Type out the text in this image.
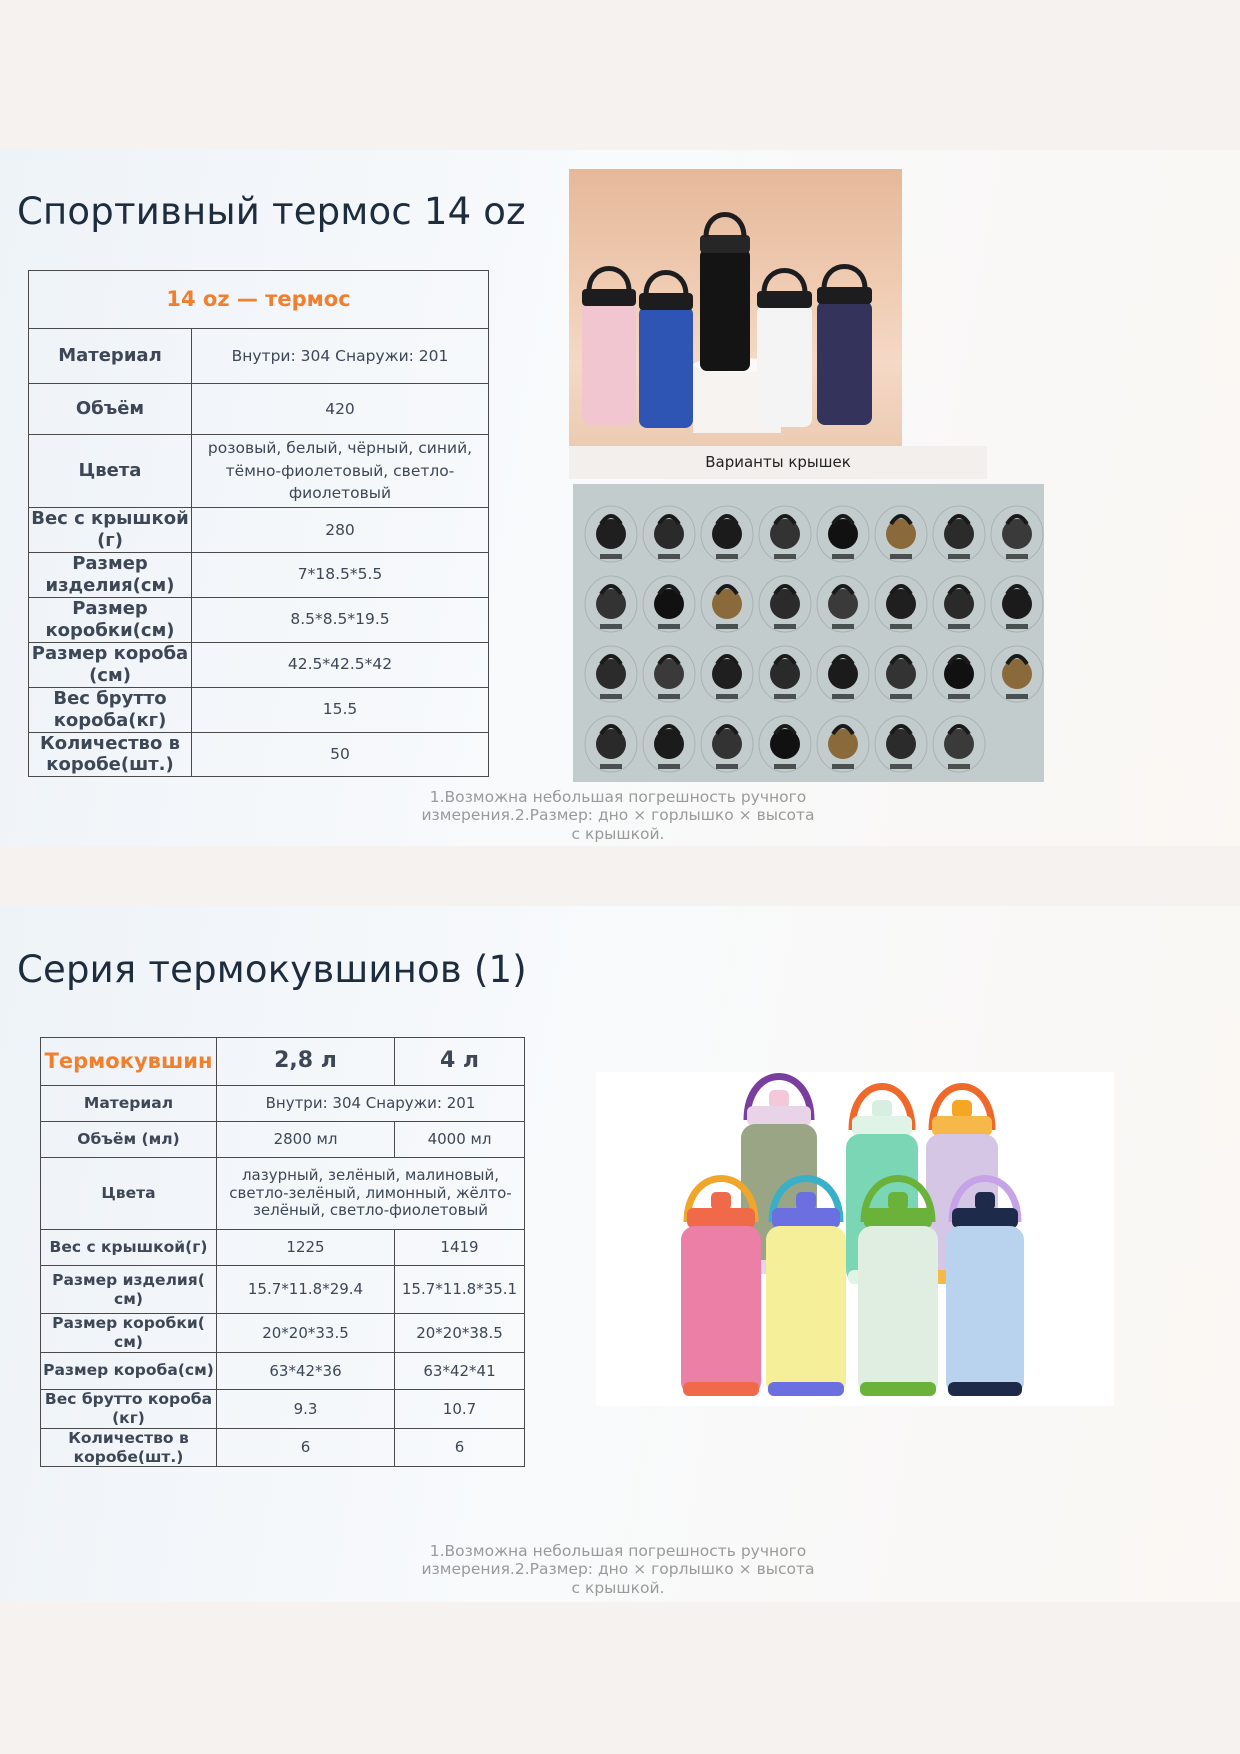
Спортивный термос 14 oz
14 oz — термос	
Материал	Внутри: 304 Снаружи: 201
Объём	420
Цвета	розовый, белый, чёрный, синий, тёмно-фиолетовый, светло-фиолетовый
Вес с крышкой (г)	280
Размер изделия(см)	7*18.5*5.5
Размер коробки(см)	8.5*8.5*19.5
Размер короба (см)	42.5*42.5*42
Вес брутто короба(кг)	15.5
Количество в коробе(шт.)	50
Варианты крышек
1.Возможна небольшая погрешность ручного измерения.2.Размер: дно × горлышко × высота с крышкой.
Серия термокувшинов (1)
Термокувшин	2,8 л	4 л
Материал	Внутри: 304 Снаружи: 201	
Объём (мл)	2800 мл	4000 мл
Цвета	лазурный, зелёный, малиновый, светло-зелёный, лимонный, жёлто-зелёный, светло-фиолетовый	
Вес с крышкой(г)	1225	1419
Размер изделия( см)	15.7*11.8*29.4	15.7*11.8*35.1
Размер коробки( см)	20*20*33.5	20*20*38.5
Размер короба(см)	63*42*36	63*42*41
Вес брутто короба (кг)	9.3	10.7
Количество в коробе(шт.)	6	6
1.Возможна небольшая погрешность ручного измерения.2.Размер: дно × горлышко × высота с крышкой.
